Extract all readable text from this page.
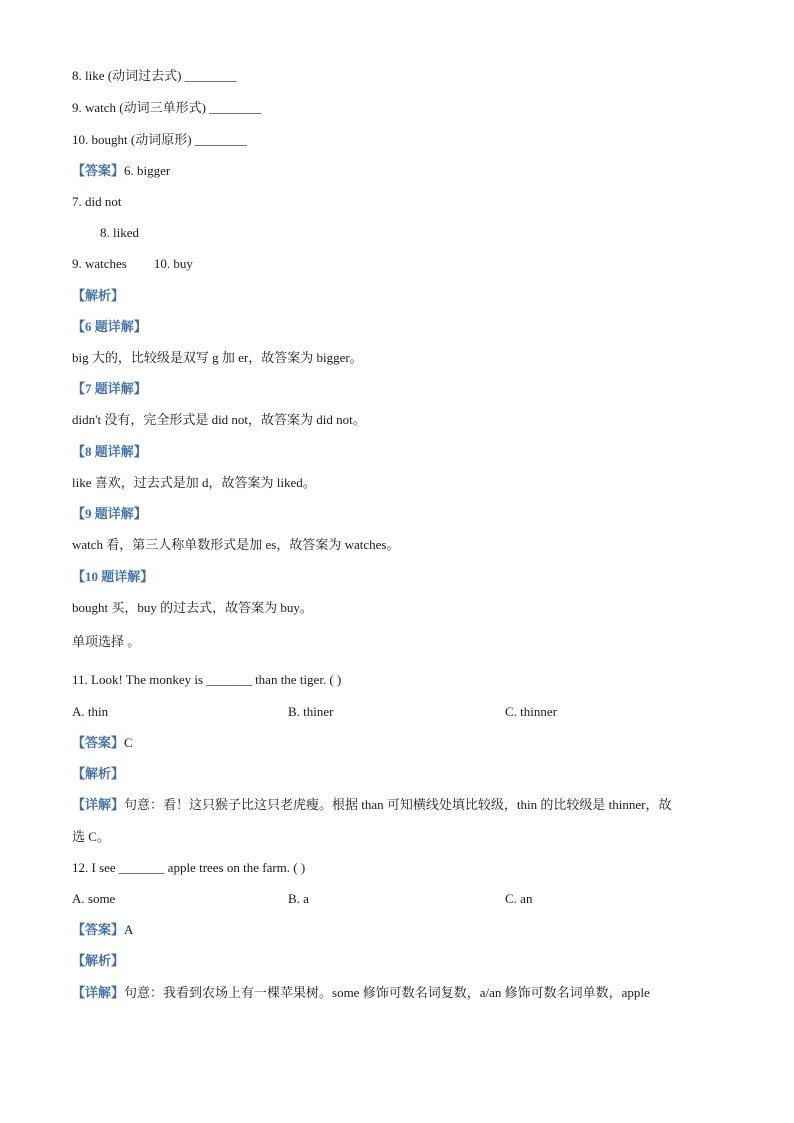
8. like (动词过去式) ________
9. watch (动词三单形式) ________
10. bought (动词原形) ________
【答案】6. bigger
7. did not
8. liked
9. watches 10. buy
【解析】
【6 题详解】
big 大的，比较级是双写 g 加 er，故答案为 bigger。
【7 题详解】
didn't 没有，完全形式是 did not，故答案为 did not。
【8 题详解】
like 喜欢，过去式是加 d，故答案为 liked。
【9 题详解】
watch 看，第三人称单数形式是加 es，故答案为 watches。
【10 题详解】
bought 买，buy 的过去式，故答案为 buy。
单项选择 。
11. Look! The monkey is _______ than the tiger. ( )
A. thin	B. thiner	C. thinner
【答案】C
【解析】
【详解】句意：看！这只猴子比这只老虎瘦。根据 than 可知横线处填比较级，thin 的比较级是 thinner，故
选 C。
12. I see _______ apple trees on the farm. ( )
A. some	B. a	C. an
【答案】A
【解析】
【详解】句意：我看到农场上有一棵苹果树。some 修饰可数名词复数，a/an 修饰可数名词单数，apple
